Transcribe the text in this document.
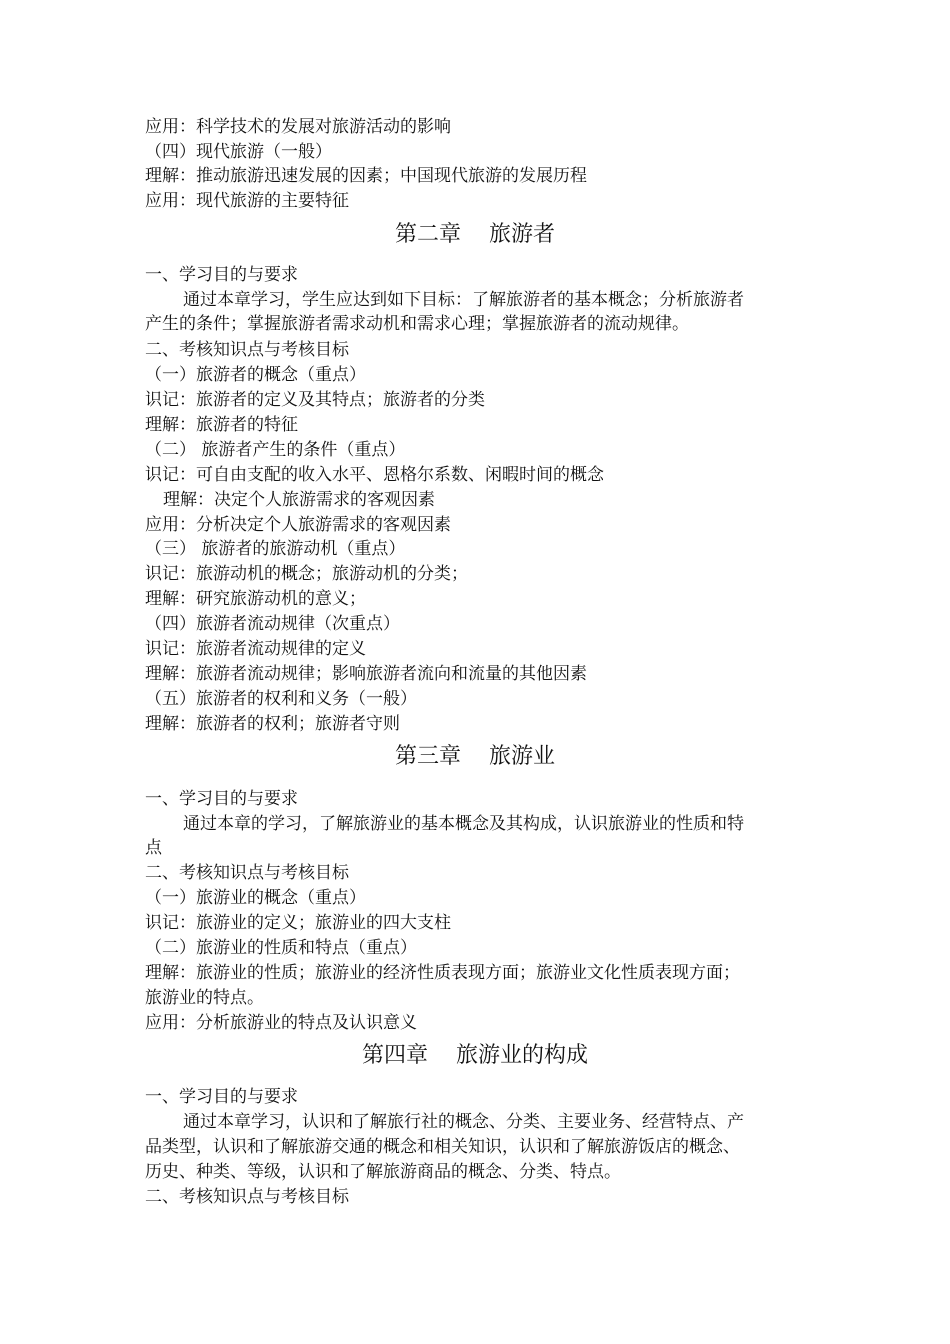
应用：科学技术的发展对旅游活动的影响
（四）现代旅游（一般）
理解：推动旅游迅速发展的因素；中国现代旅游的发展历程
应用：现代旅游的主要特征
一、学习目的与要求
通过本章学习，学生应达到如下目标：了解旅游者的基本概念；分析旅游者
产生的条件；掌握旅游者需求动机和需求心理；掌握旅游者的流动规律。
二、考核知识点与考核目标
（一）旅游者的概念（重点）
识记：旅游者的定义及其特点；旅游者的分类
理解：旅游者的特征
（二） 旅游者产生的条件（重点）
识记：可自由支配的收入水平、恩格尔系数、闲暇时间的概念
理解：决定个人旅游需求的客观因素
应用：分析决定个人旅游需求的客观因素
（三） 旅游者的旅游动机（重点）
识记：旅游动机的概念；旅游动机的分类；
理解：研究旅游动机的意义；
（四）旅游者流动规律（次重点）
识记：旅游者流动规律的定义
理解：旅游者流动规律；影响旅游者流向和流量的其他因素
（五）旅游者的权利和义务（一般）
理解：旅游者的权利；旅游者守则
一、学习目的与要求
通过本章的学习，了解旅游业的基本概念及其构成，认识旅游业的性质和特
点
二、考核知识点与考核目标
（一）旅游业的概念（重点）
识记：旅游业的定义；旅游业的四大支柱
（二）旅游业的性质和特点（重点）
理解：旅游业的性质；旅游业的经济性质表现方面；旅游业文化性质表现方面；
旅游业的特点。
应用：分析旅游业的特点及认识意义
一、学习目的与要求
通过本章学习，认识和了解旅行社的概念、分类、主要业务、经营特点、产
品类型，认识和了解旅游交通的概念和相关知识，认识和了解旅游饭店的概念、
历史、种类、等级，认识和了解旅游商品的概念、分类、特点。
二、考核知识点与考核目标
第二章    旅游者
第三章    旅游业
第四章    旅游业的构成
